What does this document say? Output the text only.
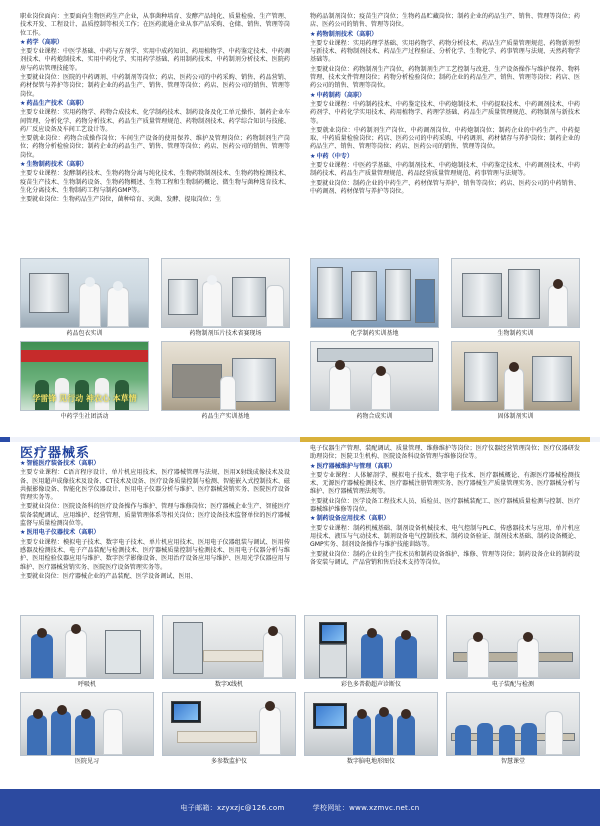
职业岗位面向：主要面向生物医药生产企业，从事菌种培育、发酵产品纯化、质量检验、生产管理、技术开发、工程设计、品质控制等相关工作；在医药流通企业从事产品采购、仓储、销售、管理等岗位工作。

★药学（高职）

主要专业课程：中医学基础、中药与方剂学、实用中成药知识、药用植物学、中药鉴定技术、中药调剂技术、中药炮制技术、实用中药化学、实用药学基础、药用制药技术、中药制剂分析技术、医院药房与药店管理技能等。

主要就业岗位：医院的中药调剂、中药制剂等岗位；药店、医药公司的中药采购、销售、药品营销、药材保管与养护等岗位；制药企业的药品生产、销售、管理等岗位；药店、医药公司的销售、管理等岗位。

★药品生产技术（高职）

主要专业课程：实用药物学、药物合成技术、化学制药技术、制药设备及化工单元操作、制药企业车间管理、分析化学、药物分析技术、药品生产质量管理规范、药物制剂技术、药学综合知识与技能、药厂反应设备及车间工艺设计等。

主要就业岗位：药物合成操作岗位；车间生产设备的使用保养、维护及管理岗位；药物制剂生产岗位；药物分析检验岗位；制药企业的药品生产、销售、管理等岗位；药店、医药公司的销售、管理等岗位。

★生物制药技术（高职）

主要专业课程：发酵制药技术、生物药物分离与纯化技术、生物药物制剂技术、生物药物检测技术、疫苗生产技术、生物制药设备、生物药物概述、生物工程和生物制药概论、微生物与菌种选育技术、生化分离技术、生物制药工程与制药GMP等。

主要就业岗位：生物药品生产岗位，菌种培育、灭菌、发酵、提取岗位；生

物药品制剂岗位；疫苗生产岗位；生物药品贮藏岗位；制药企业的药品生产、销售、管理等岗位；药店、医药公司的销售、管理等岗位。

★药物制剂技术（高职）

主要专业课程：实用药理学基础、实用药物学、药物分析技术、药品生产质量管理规范、药物新剂型与新技术、药物制剂技术、药品生产过程验证、分析化学、生物化学、药事管理与法规、天然药物学基础等。

主要就业岗位：药物制剂生产岗位，药物制剂生产工艺控制与改进、生产设备操作与维护保养、物料管理、技术文件管理岗位；药物分析检验岗位；制药企业的药品生产、销售、管理等岗位；药店、医药公司的销售、管理等岗位。

★中药制药（高职）

主要专业课程：中药制药技术、中药鉴定技术、中药炮制技术、中药提取技术、中药调剂技术、中药药剂学、中药化学实用技术、药用植物学、药理学基础、药品生产质量管理规范、药物制剂与新技术等。

主要就业岗位：中药制剂生产岗位、中药调剂岗位、中药炮制岗位；制药企业的中药生产、中药提取、中药质量检验岗位；药店、医药公司的中药采购、中药调剂、药材储存与养护岗位；制药企业的药品生产、销售、管理等岗位；药店、医药公司的销售、管理等岗位。

★中药（中专）

主要专业课程：中医药学基础、中药制剂技术、中药炮制技术、中药鉴定技术、中药调剂技术、中药制药技术、药品生产质量管理规范、药品经营质量管理规范、药事管理与法规等。

主要就业岗位：制药企业的中药生产、药材保管与养护、销售等岗位；药店、医药公司的中药销售、中药调剂、药材保管与养护等岗位。

药品包衣实训	药物制剂压片技术省赛现场
学雷锋 见行动 神农心 本草情
中药学生社团活动	药品生产实训基地
化学制药实训基地	生物制药实训
药物合成实训	固体制剂实训
医疗器械系

★智能医疗装备技术（高职）

主要专业课程：C语言程序设计、单片机应用技术、医疗器械管理与法规、医用X射线成像技术及设备、医用超声成像技术及设备、CT技术及设备、医疗设备质量控制与检测、智能嵌入式控制技术、磁共振影像设备、智能化医学仪器设计、医用电子仪器分析与维护、医疗器械营销实务、医院医疗设备管理实务等。

主要就业岗位：医院设备科的医疗设备操作与维护、管理与维修岗位；医疗器械企业生产、智能医疗装备装配调试、应用维护、经营管理、质量管理体系等相关岗位；医疗设备技术监督单位的医疗器械监督与质量检测岗位等。

★医用电子仪器技术（高职）

主要专业课程：模拟电子技术、数字电子技术、单片机应用技术、医用电子仪器组装与调试、医用传感器及检测技术、电子产品装配与检测技术、医疗器械质量控制与检测技术、医用电子仪器分析与维护、医用检验仪器应用与维护、数字医学影像设备、医用治疗设备应用与维护、医用光学仪器应用与维护、医疗器械营销实务、医院医疗设备管理实务等。

主要就业岗位：医疗器械企业的产品装配、医学设备调试、医用、

电子仪器生产管理、装配调试、质量管理、维修维护等岗位；医疗仪器经营管理岗位；医疗仪器研发助理岗位；医院卫生机构、医院设备科设备管理与维修岗位等。

★医疗器械维护与管理（高职）

主要专业课程：人体解剖学、模拟电子技术、数字电子技术、医疗器械概论、有源医疗器械检测技术、无源医疗器械检测技术、医疗器械注册管理实务、医疗器械生产质量管理实务、医疗器械分析与维护、医疗器械管理法规等。

主要就业岗位：医学设备工程技术人员、质检员、医疗器械装配工、医疗器械质量检测与控制、医疗器械维护维修等岗位。

★制药设备应用技术（高职）

主要专业课程：制药机械基础、制剂设备机械技术、电气控制与PLC、传感器技术与应用、单片机应用技术、液压与气动技术、制剂设备电气控制技术、制药设备验证、制剂技术基础、制药设备概论、GMP实务、制剂设备操作与维护技能训练等。

主要就业岗位：制药企业的生产技术员和制药设备维护、维修、管理等岗位；制药设备企业的制药设备安装与调试、产品营销和售后技术支持等岗位。

呼吸机	数字X线机	彩色多普勒超声诊断仪	电子装配与检测
医院见习	多参数监护仪	数字脑电地形图仪	智慧课堂
电子邮箱：xzyxzjc@126.com	学校网址：www.xzmvc.net.cn
